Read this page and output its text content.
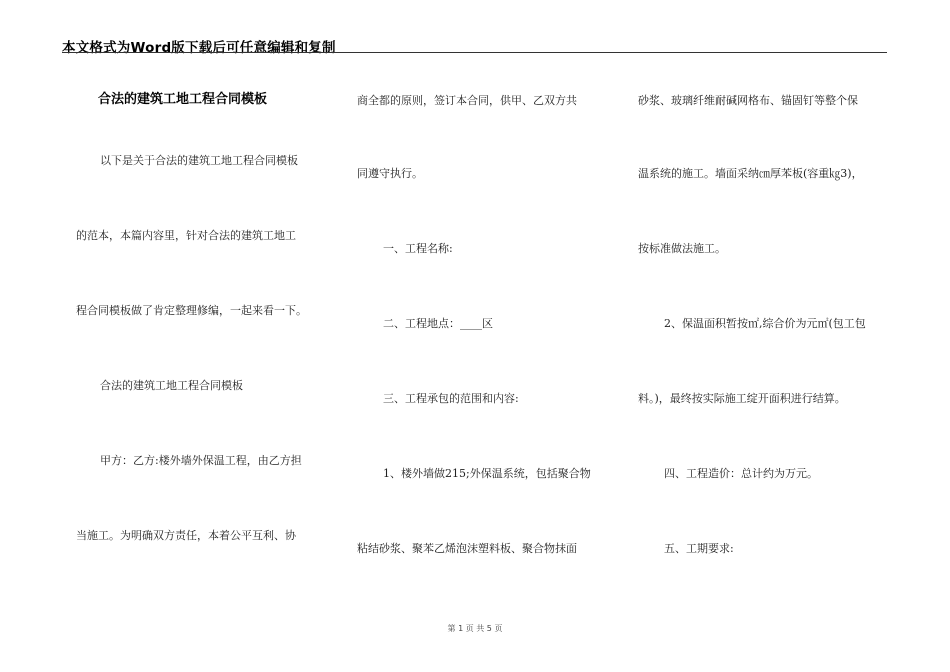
本文格式为Word版下载后可任意编辑和复制
合法的建筑工地工程合同模板
以下是关于合法的建筑工地工程合同模板
的范本，本篇内容里，针对合法的建筑工地工
程合同模板做了肯定整理修编，一起来看一下。
合法的建筑工地工程合同模板
甲方：乙方:楼外墙外保温工程，由乙方担
当施工。为明确双方责任，本着公平互利、协
商全都的原则，签订本合同，供甲、乙双方共
同遵守执行。
一、工程名称:
二、工程地点：____区
三、工程承包的范围和内容:
1、楼外墙做215;外保温系统，包括聚合物
粘结砂浆、聚苯乙烯泡沫塑料板、聚合物抹面
砂浆、玻璃纤维耐碱网格布、锚固钉等整个保
温系统的施工。墙面采纳㎝厚苯板(容重㎏3)，
按标准做法施工。
2、保温面积暂按㎡,综合价为元㎡(包工包
料。)，最终按实际施工绽开面积进行结算。
四、工程造价：总计约为万元。
五、工期要求:
第 1 页 共 5 页
